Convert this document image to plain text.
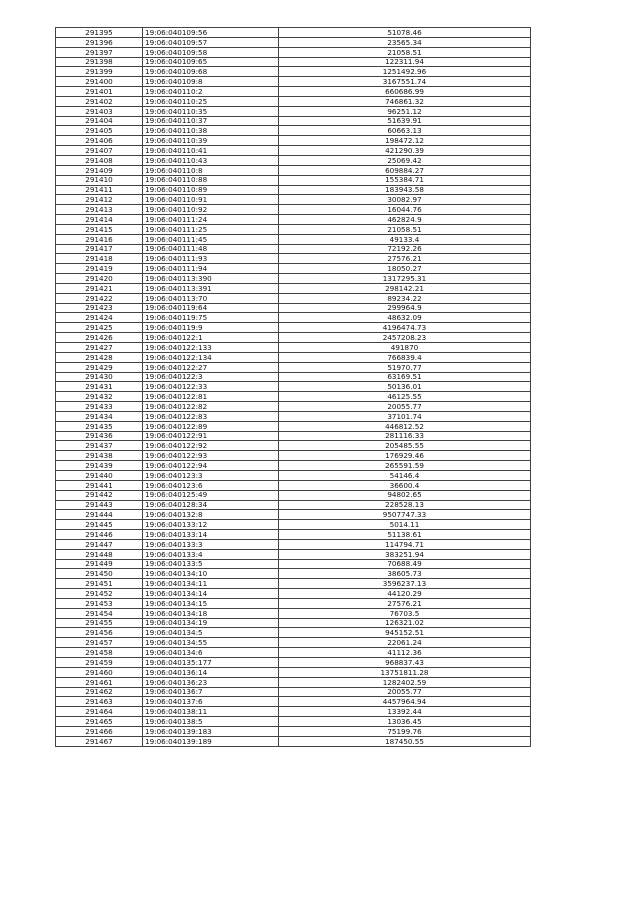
291395	19:06:040109:56	51078.46
291396	19:06:040109:57	23565.34
291397	19:06:040109:58	21058.51
291398	19:06:040109:65	122311.94
291399	19:06:040109:68	1251492.96
291400	19:06:040109:8	3167551.74
291401	19:06:040110:2	660686.99
291402	19:06:040110:25	746861.32
291403	19:06:040110:35	96251.12
291404	19:06:040110:37	51639.91
291405	19:06:040110:38	60663.13
291406	19:06:040110:39	198472.12
291407	19:06:040110:41	421290.39
291408	19:06:040110:43	25069.42
291409	19:06:040110:8	609884.27
291410	19:06:040110:88	155384.71
291411	19:06:040110:89	183943.58
291412	19:06:040110:91	30082.97
291413	19:06:040110:92	16044.76
291414	19:06:040111:24	462824.9
291415	19:06:040111:25	21058.51
291416	19:06:040111:45	49133.4
291417	19:06:040111:48	72192.26
291418	19:06:040111:93	27576.21
291419	19:06:040111:94	18050.27
291420	19:06:040113:390	1317295.31
291421	19:06:040113:391	298142.21
291422	19:06:040113:70	89234.22
291423	19:06:040119:64	299964.9
291424	19:06:040119:75	48632.09
291425	19:06:040119:9	4196474.73
291426	19:06:040122:1	2457208.23
291427	19:06:040122:133	491870
291428	19:06:040122:134	766839.4
291429	19:06:040122:27	51970.77
291430	19:06:040122:3	63169.51
291431	19:06:040122:33	50136.01
291432	19:06:040122:81	46125.55
291433	19:06:040122:82	20055.77
291434	19:06:040122:83	37101.74
291435	19:06:040122:89	446812.52
291436	19:06:040122:91	281116.33
291437	19:06:040122:92	205485.55
291438	19:06:040122:93	176929.46
291439	19:06:040122:94	265591.59
291440	19:06:040123:3	54146.4
291441	19:06:040123:6	36600.4
291442	19:06:040125:49	94802.65
291443	19:06:040128:34	228528.13
291444	19:06:040132:8	9507747.33
291445	19:06:040133:12	5014.11
291446	19:06:040133:14	51138.61
291447	19:06:040133:3	114794.71
291448	19:06:040133:4	383251.94
291449	19:06:040133:5	70688.49
291450	19:06:040134:10	38605.73
291451	19:06:040134:11	3596237.13
291452	19:06:040134:14	44120.29
291453	19:06:040134:15	27576.21
291454	19:06:040134:18	76703.5
291455	19:06:040134:19	126321.02
291456	19:06:040134:5	945152.51
291457	19:06:040134:55	22061.24
291458	19:06:040134:6	41112.36
291459	19:06:040135:177	968837.43
291460	19:06:040136:14	13751811.28
291461	19:06:040136:23	1282402.59
291462	19:06:040136:7	20055.77
291463	19:06:040137:6	4457964.94
291464	19:06:040138:11	13392.44
291465	19:06:040138:5	13036.45
291466	19:06:040139:183	75199.76
291467	19:06:040139:189	187450.55
